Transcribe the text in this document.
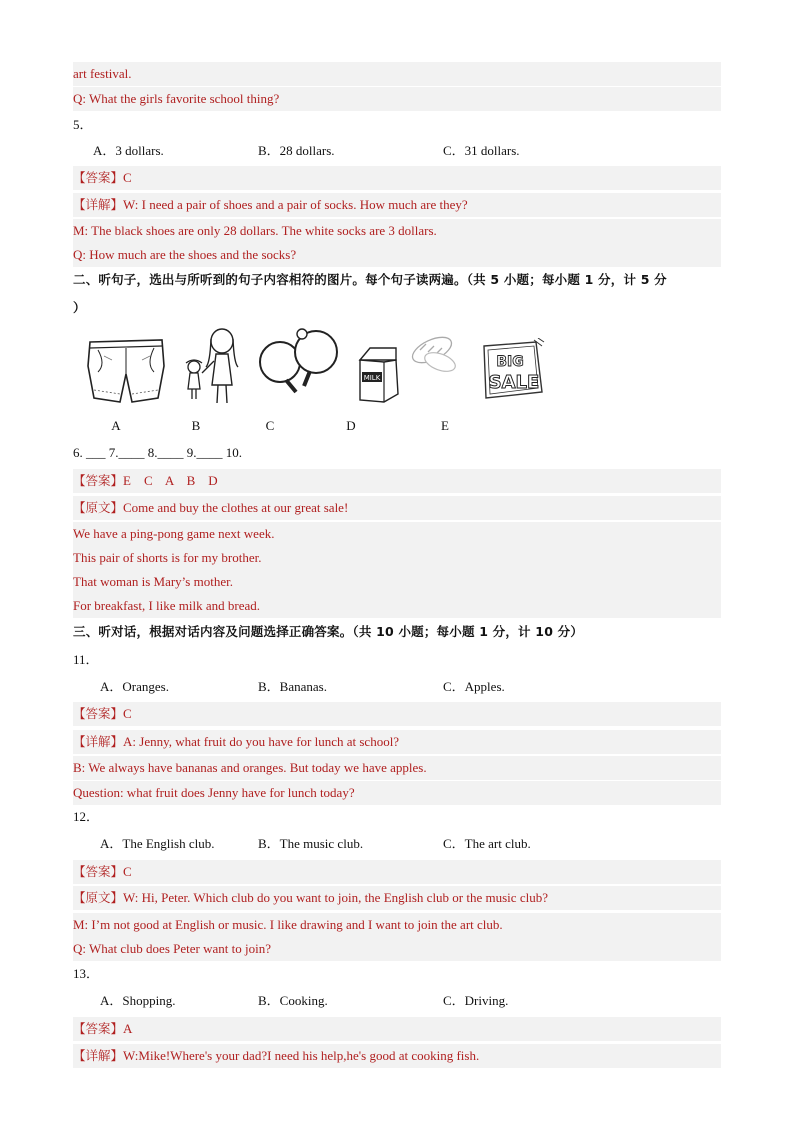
art festival.
Q: What the girls favorite school thing?
5．
A．3 dollars.	B．28 dollars.	C．31 dollars.
【答案】C
【详解】W: I need a pair of shoes and a pair of socks. How much are they?
M: The black shoes are only 28 dollars. The white socks are 3 dollars.
Q: How much are the shoes and the socks?
二、听句子，选出与所听到的句子内容相符的图片。每个句子读两遍。（共 5 小题；每小题 1 分，计 5 分
）
MILK
BIG
SALE
A	B	C	D	E
6. ___ 7.____ 8.____ 9.____ 10.
【答案】E    C    A    B    D
【原文】Come and buy the clothes at our great sale!
We have a ping-pong game next week.
This pair of shorts is for my brother.
That woman is Mary’s mother.
For breakfast, I like milk and bread.
三、听对话，根据对话内容及问题选择正确答案。（共 10 小题；每小题 1 分，计 10 分）
11．
A．Oranges.	B．Bananas.	C．Apples.
【答案】C
【详解】A: Jenny, what fruit do you have for lunch at school?
B: We always have bananas and oranges. But today we have apples.
Question: what fruit does Jenny have for lunch today?
12．
A．The English club.	B．The music club.	C．The art club.
【答案】C
【原文】W: Hi, Peter. Which club do you want to join, the English club or the music club?
M: I’m not good at English or music. I like drawing and I want to join the art club.
Q: What club does Peter want to join?
13．
A．Shopping.	B．Cooking.	C．Driving.
【答案】A
【详解】W:Mike!Where's your dad?I need his help,he's good at cooking fish.
